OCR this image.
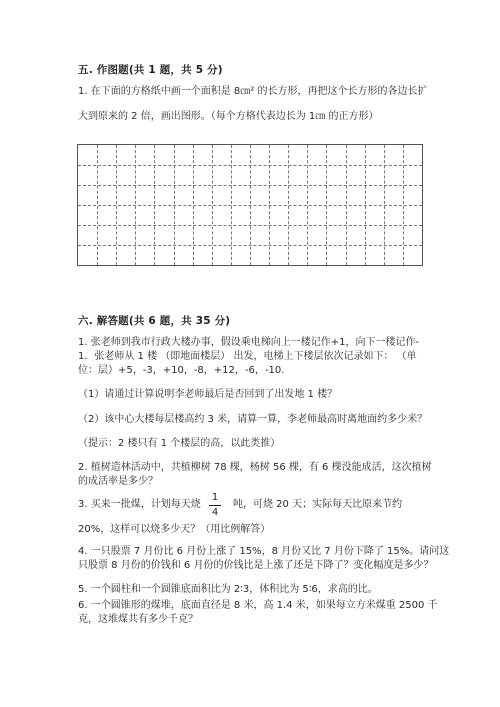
五. 作图题(共 1 题，共 5 分)
1. 在下面的方格纸中画一个面积是 8㎝² 的长方形，再把这个长方形的各边长扩
大到原来的 2 倍，画出图形。（每个方格代表边长为 1㎝ 的正方形）
六. 解答题(共 6 题，共 35 分)
1. 张老师到我市行政大楼办事，假设乘电梯向上一楼记作+1，向下一楼记作-
1．张老师从 1 楼 （即地面楼层） 出发，电梯上下楼层依次记录如下： （单
位：层）+5，-3，+10，-8，+12，-6，-10.
（1）请通过计算说明李老师最后是否回到了出发地 1 楼？
（2）该中心大楼每层楼高约 3 米，请算一算，李老师最高时离地面约多少米？
（提示：2 楼只有 1 个楼层的高，以此类推）
2. 植树造林活动中，共植柳树 78 棵，杨树 56 棵，有 6 棵没能成活，这次植树
的成活率是多少？
3. 买来一批煤，计划每天烧
1
4
吨，可烧 20 天；实际每天比原来节约
20%，这样可以烧多少天？（用比例解答）
4. 一只股票 7 月份比 6 月份上涨了 15%，8 月份又比 7 月份下降了 15%。请问这
只股票 8 月份的价钱和 6 月份的价钱比是上涨了还是下降了？变化幅度是多少？
5. 一个圆柱和一个圆锥底面积比为 2∶3，体积比为 5∶6，求高的比。
6. 一个圆锥形的煤堆，底面直径是 8 米，高 1.4 米，如果每立方米煤重 2500 千
克，这堆煤共有多少千克？
